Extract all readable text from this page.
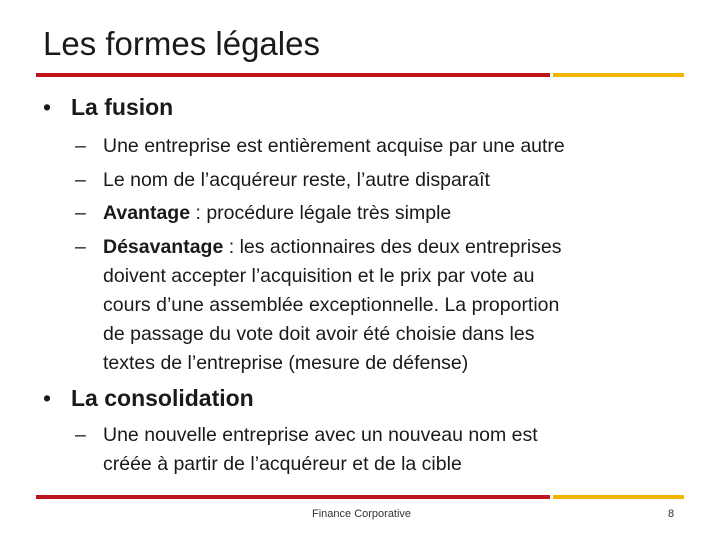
Les formes légales
• La fusion
– Une entreprise est entièrement acquise par une autre
– Le nom de l’acquéreur reste, l’autre disparaît
– Avantage : procédure légale très simple
– Désavantage : les actionnaires des deux entreprises
doivent accepter l’acquisition et le prix par vote au
cours d’une assemblée exceptionnelle. La proportion
de passage du vote doit avoir été choisie dans les
textes de l’entreprise (mesure de défense)
• La consolidation
– Une nouvelle entreprise avec un nouveau nom est
créée à partir de l’acquéreur et de la cible
Finance Corporative	8
